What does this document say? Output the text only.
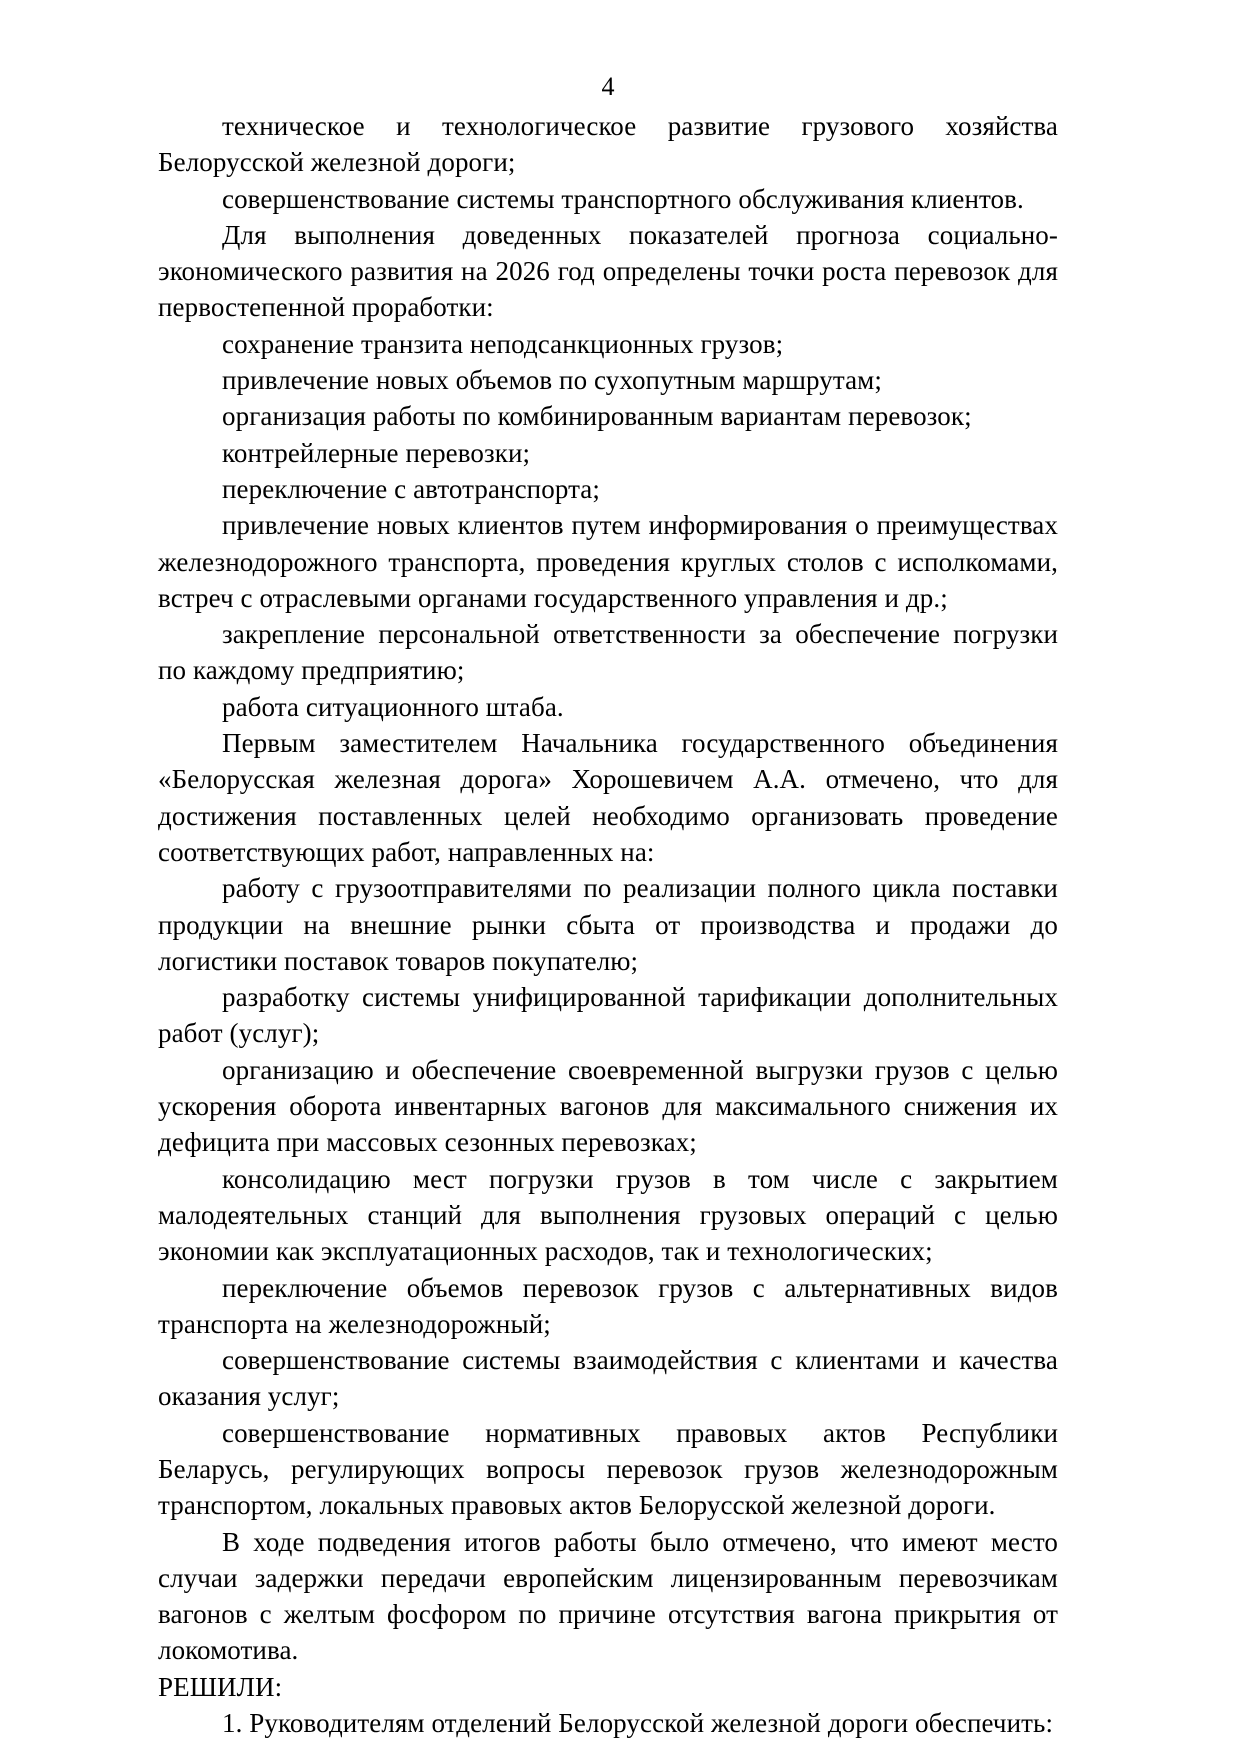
4

техническое и технологическое развитие грузового хозяйства Белорусской железной дороги;

совершенствование системы транспортного обслуживания клиентов.

Для выполнения доведенных показателей прогноза социально-экономического развития на 2026 год определены точки роста перевозок для первостепенной проработки:

сохранение транзита неподсанкционных грузов;

привлечение новых объемов по сухопутным маршрутам;

организация работы по комбинированным вариантам перевозок;

контрейлерные перевозки;

переключение с автотранспорта;

привлечение новых клиентов путем информирования о преимуществах железнодорожного транспорта, проведения круглых столов с исполкомами, встреч с отраслевыми органами государственного управления и др.;

закрепление персональной ответственности за обеспечение погрузки по каждому предприятию;

работа ситуационного штаба.

Первым заместителем Начальника государственного объединения «Белорусская железная дорога» Хорошевичем А.А. отмечено, что для достижения поставленных целей необходимо организовать проведение соответствующих работ, направленных на:

работу с грузоотправителями по реализации полного цикла поставки продукции на внешние рынки сбыта от производства и продажи до логистики поставок товаров покупателю;

разработку системы унифицированной тарификации дополнительных работ (услуг);

организацию и обеспечение своевременной выгрузки грузов с целью ускорения оборота инвентарных вагонов для максимального снижения их дефицита при массовых сезонных перевозках;

консолидацию мест погрузки грузов в том числе с закрытием малодеятельных станций для выполнения грузовых операций с целью экономии как эксплуатационных расходов, так и технологических;

переключение объемов перевозок грузов с альтернативных видов транспорта на железнодорожный;

совершенствование системы взаимодействия с клиентами и качества оказания услуг;

совершенствование нормативных правовых актов Республики Беларусь, регулирующих вопросы перевозок грузов железнодорожным транспортом, локальных правовых актов Белорусской железной дороги.

В ходе подведения итогов работы было отмечено, что имеют место случаи задержки передачи европейским лицензированным перевозчикам вагонов с желтым фосфором по причине отсутствия вагона прикрытия от локомотива.

РЕШИЛИ:

1. Руководителям отделений Белорусской железной дороги обеспечить:
